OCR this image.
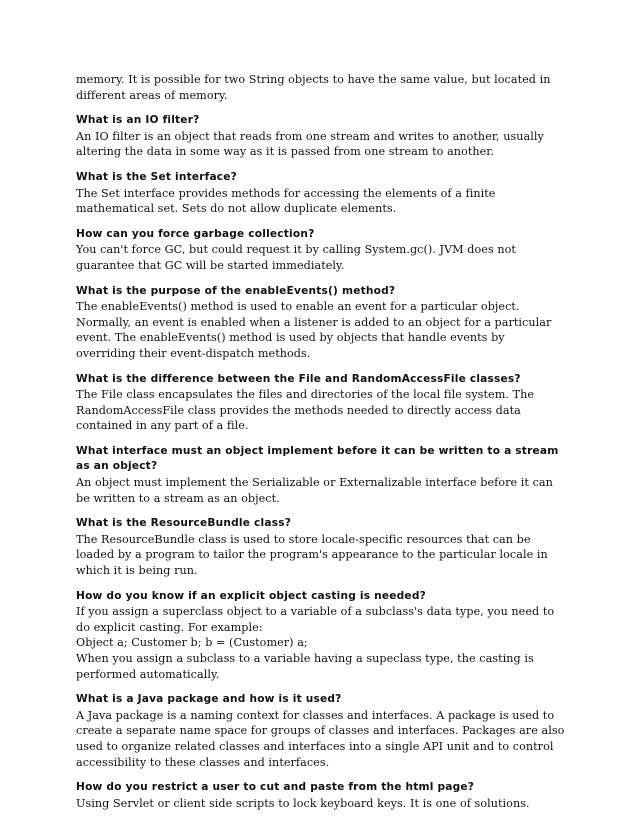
memory. It is possible for two String objects to have the same value, but located in different areas of memory.

What is an IO filter?

An IO filter is an object that reads from one stream and writes to another, usually altering the data in some way as it is passed from one stream to another.

What is the Set interface?

The Set interface provides methods for accessing the elements of a finite mathematical set. Sets do not allow duplicate elements.

How can you force garbage collection?

You can't force GC, but could request it by calling System.gc(). JVM does not guarantee that GC will be started immediately.

What is the purpose of the enableEvents() method?

The enableEvents() method is used to enable an event for a particular object. Normally, an event is enabled when a listener is added to an object for a particular event. The enableEvents() method is used by objects that handle events by overriding their event-dispatch methods.

What is the difference between the File and RandomAccessFile classes?

The File class encapsulates the files and directories of the local file system. The RandomAccessFile class provides the methods needed to directly access data contained in any part of a file.

What interface must an object implement before it can be written to a stream as an object?

An object must implement the Serializable or Externalizable interface before it can be written to a stream as an object.

What is the ResourceBundle class?

The ResourceBundle class is used to store locale-specific resources that can be loaded by a program to tailor the program's appearance to the particular locale in which it is being run.

How do you know if an explicit object casting is needed?

If you assign a superclass object to a variable of a subclass's data type, you need to do explicit casting. For example:
Object a; Customer b; b = (Customer) a;
When you assign a subclass to a variable having a supeclass type, the casting is performed automatically.

What is a Java package and how is it used?

A Java package is a naming context for classes and interfaces. A package is used to create a separate name space for groups of classes and interfaces. Packages are also used to organize related classes and interfaces into a single API unit and to control accessibility to these classes and interfaces.

How do you restrict a user to cut and paste from the html page?

Using Servlet or client side scripts to lock keyboard keys. It is one of solutions.
